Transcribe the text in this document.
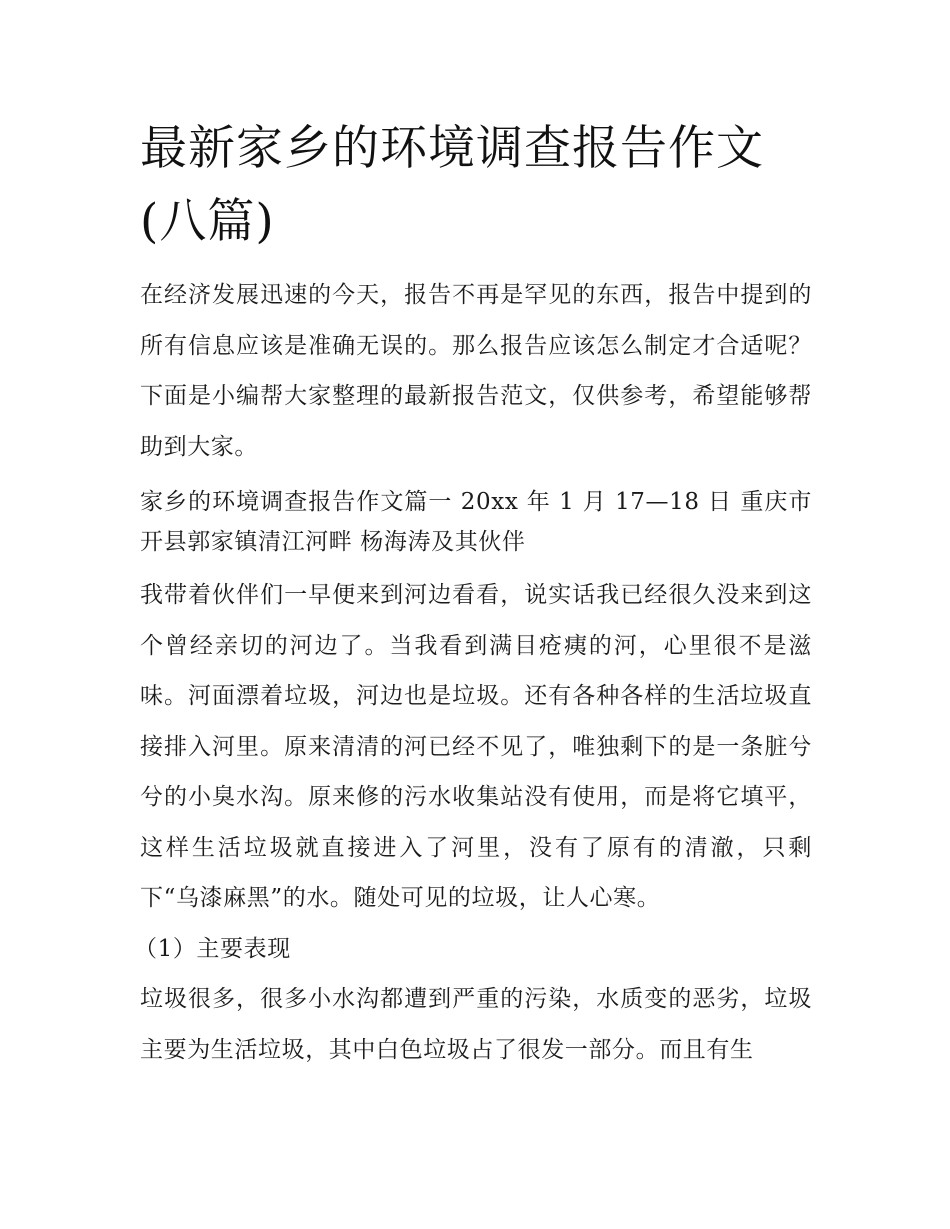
最新家乡的环境调查报告作文(八篇)

在经济发展迅速的今天，报告不再是罕见的东西，报告中提到的所有信息应该是准确无误的。那么报告应该怎么制定才合适呢？下面是小编帮大家整理的最新报告范文，仅供参考，希望能够帮助到大家。

家乡的环境调查报告作文篇一 20xx 年 1 月 17—18 日 重庆市开县郭家镇清江河畔 杨海涛及其伙伴

我带着伙伴们一早便来到河边看看，说实话我已经很久没来到这个曾经亲切的河边了。当我看到满目疮痍的河，心里很不是滋味。河面漂着垃圾，河边也是垃圾。还有各种各样的生活垃圾直接排入河里。原来清清的河已经不见了，唯独剩下的是一条脏兮兮的小臭水沟。原来修的污水收集站没有使用，而是将它填平，这样生活垃圾就直接进入了河里，没有了原有的清澈，只剩下“乌漆麻黑”的水。随处可见的垃圾，让人心寒。

（1）主要表现

垃圾很多，很多小水沟都遭到严重的污染，水质变的恶劣，垃圾主要为生活垃圾，其中白色垃圾占了很发一部分。而且有生
